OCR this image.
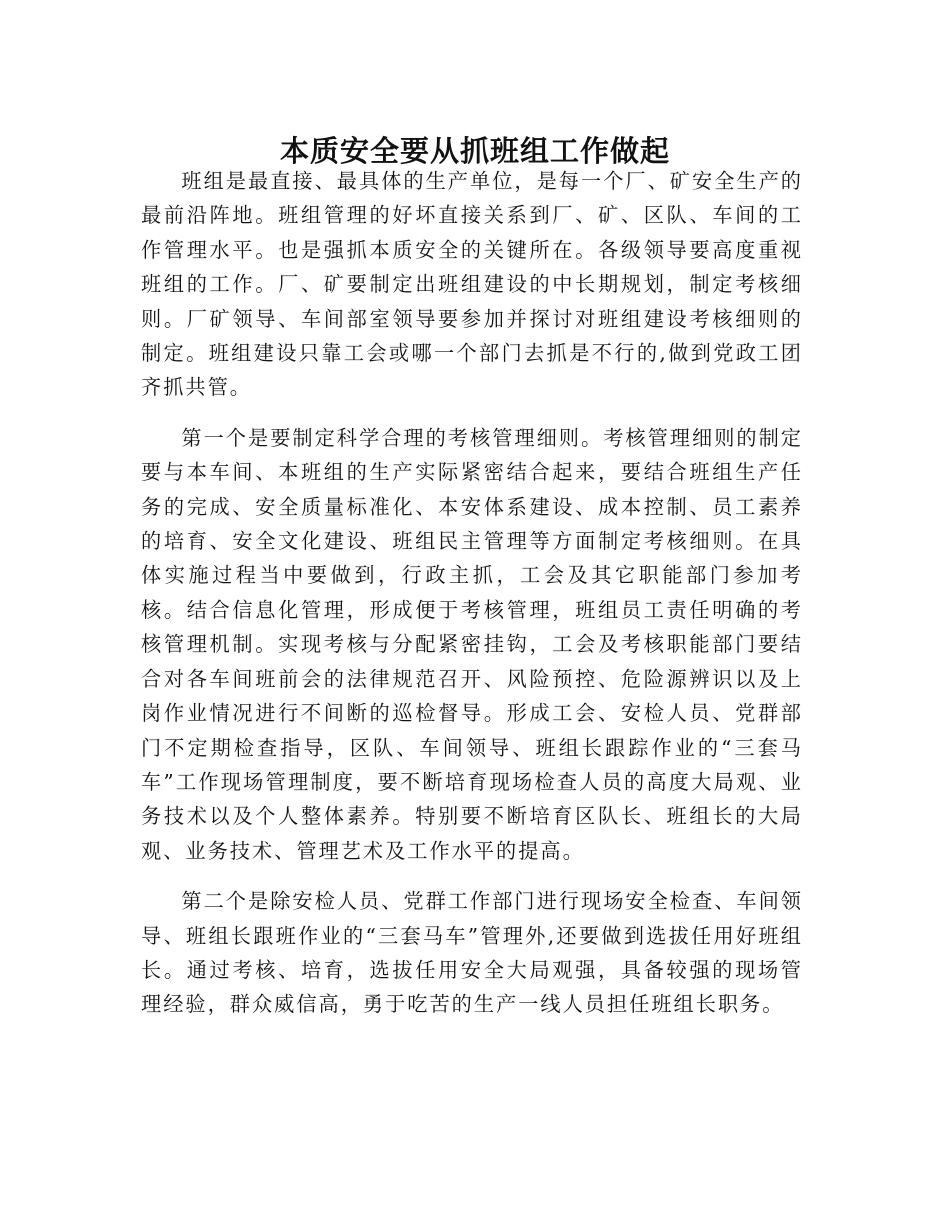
本质安全要从抓班组工作做起

班组是最直接、最具体的生产单位，是每一个厂、矿安全生产的最前沿阵地。班组管理的好坏直接关系到厂、矿、区队、车间的工作管理水平。也是强抓本质安全的关键所在。各级领导要高度重视班组的工作。厂、矿要制定出班组建设的中长期规划，制定考核细则。厂矿领导、车间部室领导要参加并探讨对班组建设考核细则的制定。班组建设只靠工会或哪一个部门去抓是不行的,做到党政工团齐抓共管。

第一个是要制定科学合理的考核管理细则。考核管理细则的制定要与本车间、本班组的生产实际紧密结合起来，要结合班组生产任务的完成、安全质量标准化、本安体系建设、成本控制、员工素养的培育、安全文化建设、班组民主管理等方面制定考核细则。在具体实施过程当中要做到，行政主抓，工会及其它职能部门参加考核。结合信息化管理，形成便于考核管理，班组员工责任明确的考核管理机制。实现考核与分配紧密挂钩，工会及考核职能部门要结合对各车间班前会的法律规范召开、风险预控、危险源辨识以及上岗作业情况进行不间断的巡检督导。形成工会、安检人员、党群部门不定期检查指导，区队、车间领导、班组长跟踪作业的“三套马车”工作现场管理制度，要不断培育现场检查人员的高度大局观、业务技术以及个人整体素养。特别要不断培育区队长、班组长的大局观、业务技术、管理艺术及工作水平的提高。

第二个是除安检人员、党群工作部门进行现场安全检查、车间领导、班组长跟班作业的“三套马车”管理外,还要做到选拔任用好班组长。通过考核、培育，选拔任用安全大局观强，具备较强的现场管理经验，群众威信高，勇于吃苦的生产一线人员担任班组长职务。
